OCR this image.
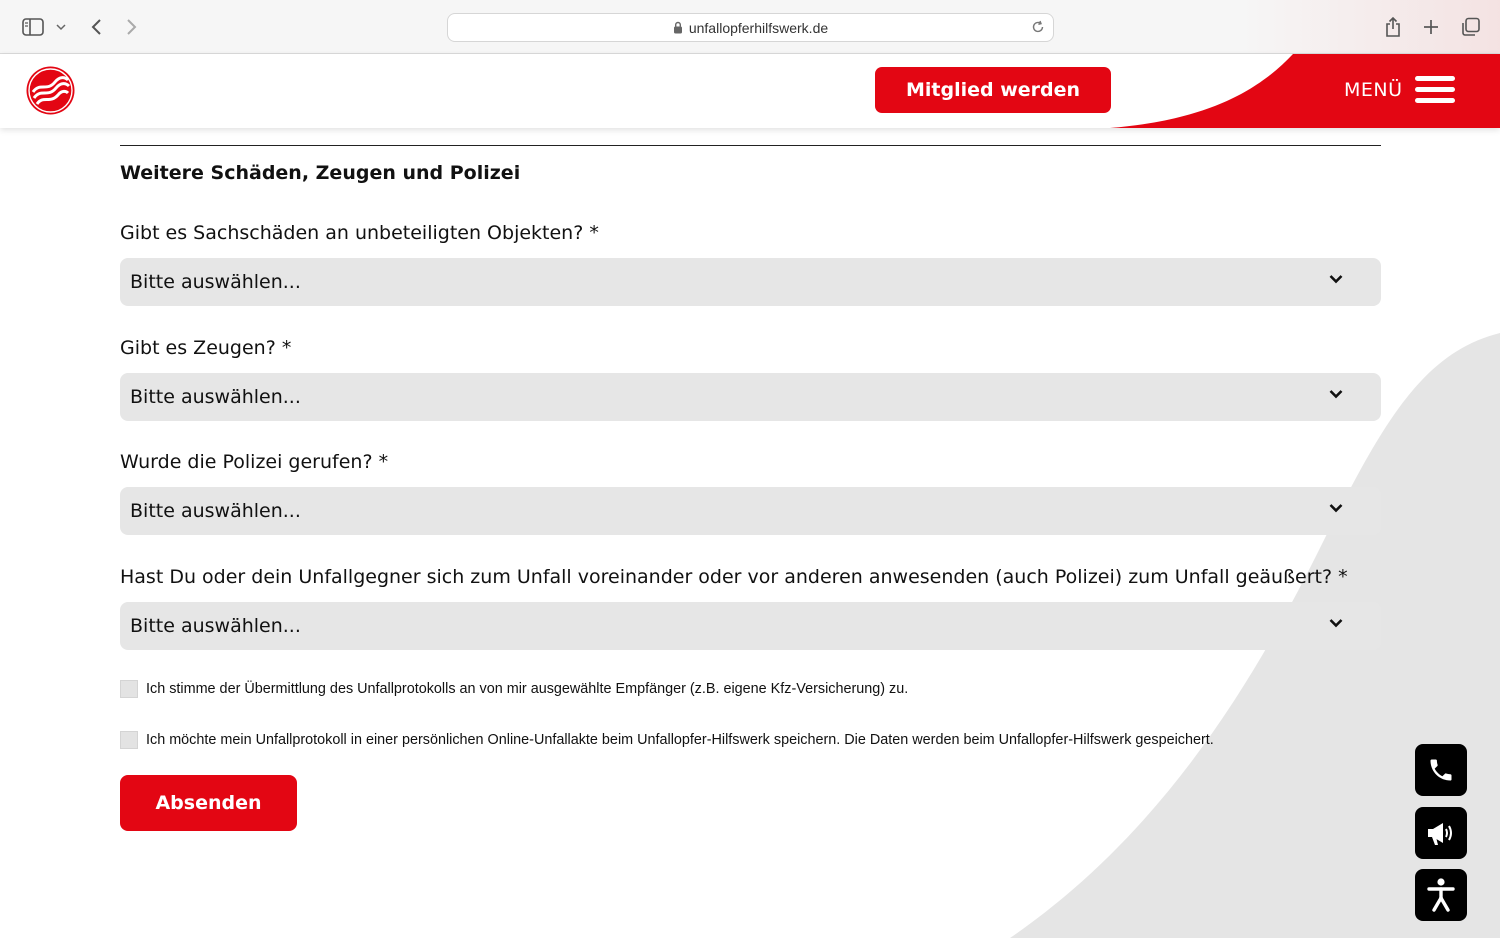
unfallopferhilfswerk.de
Mitglied werden	MENÜ
Weitere Schäden, Zeugen und Polizei
Gibt es Sachschäden an unbeteiligten Objekten? *
Bitte auswählen...
Gibt es Zeugen? *
Bitte auswählen...
Wurde die Polizei gerufen? *
Bitte auswählen...
Hast Du oder dein Unfallgegner sich zum Unfall voreinander oder vor anderen anwesenden (auch Polizei) zum Unfall geäußert? *
Bitte auswählen...
Ich stimme der Übermittlung des Unfallprotokolls an von mir ausgewählte Empfänger (z.B. eigene Kfz-Versicherung) zu.
Ich möchte mein Unfallprotokoll in einer persönlichen Online-Unfallakte beim Unfallopfer-Hilfswerk speichern. Die Daten werden beim Unfallopfer-Hilfswerk gespeichert.
Absenden
